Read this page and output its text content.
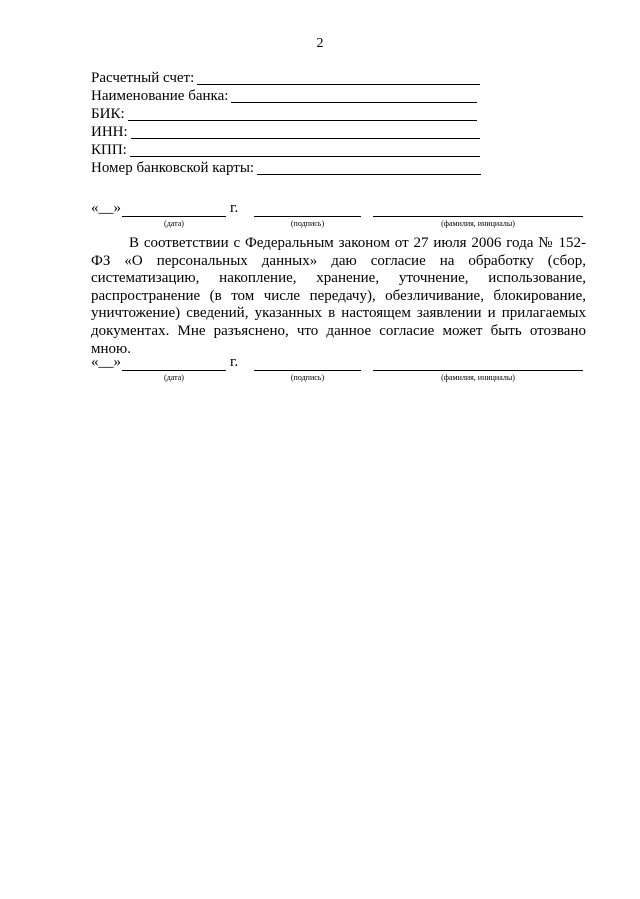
2
Расчетный счет:
Наименование банка:
БИК:
ИНН:
КПП:
Номер банковской карты:
«__»	г.
(дата)	(подпись)	(фамилия, инициалы)

В соответствии с Федеральным законом от 27 июля 2006 года № 152-ФЗ «О персональных данных» даю согласие на обработку (сбор, систематизацию, накопление, хранение, уточнение, использование, распространение (в том числе передачу), обезличивание, блокирование, уничтожение) сведений, указанных в настоящем заявлении и прилагаемых документах. Мне разъяснено, что данное согласие может быть отозвано мною.

«__»	г.
(дата)	(подпись)	(фамилия, инициалы)
